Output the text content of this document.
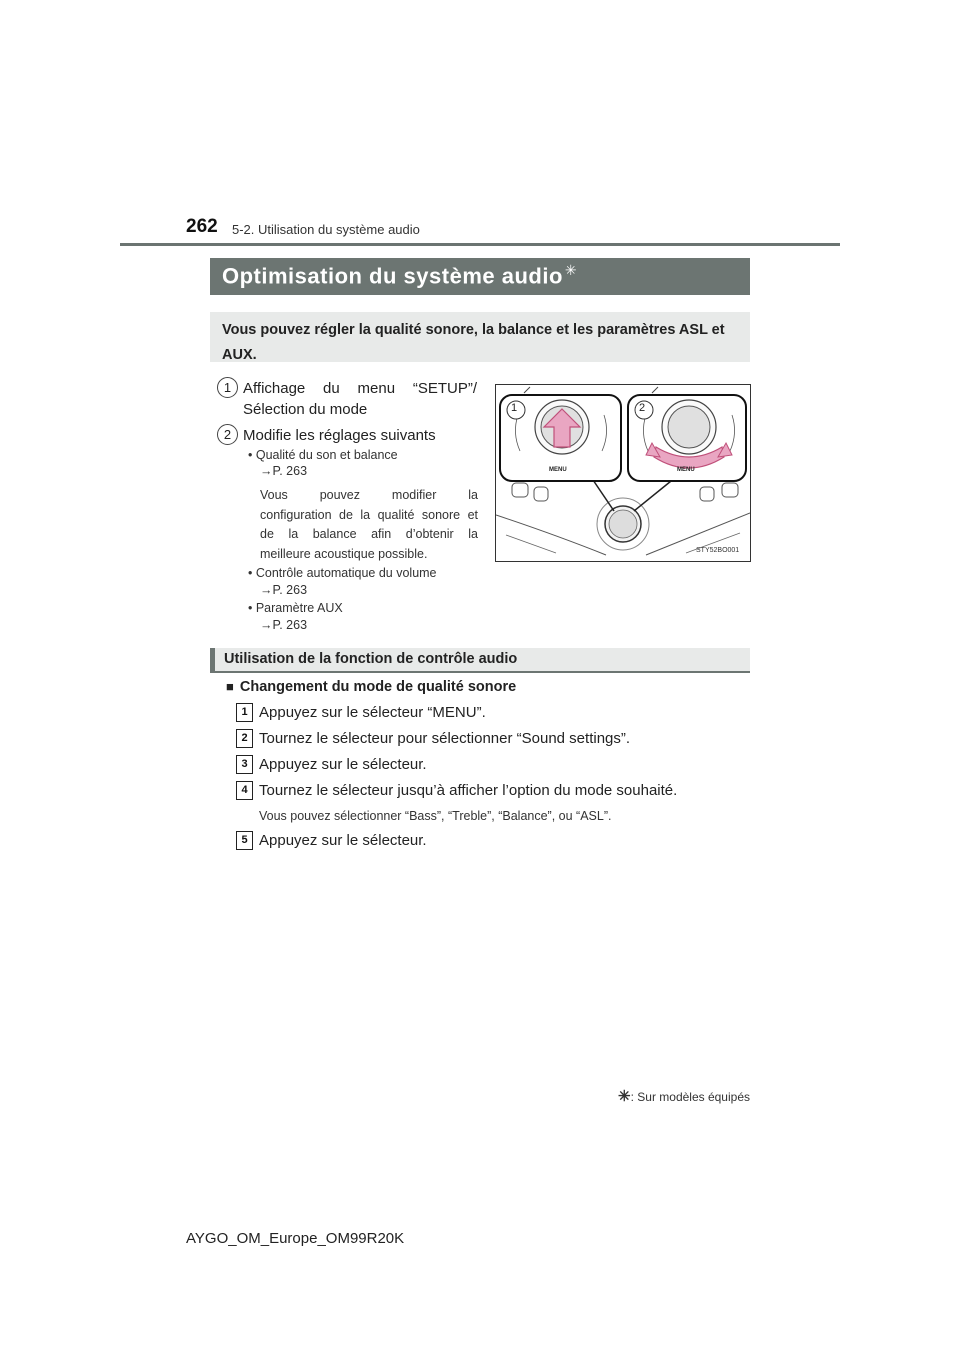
262 5-2. Utilisation du système audio
Optimisation du système audio ✳
Vous pouvez régler la qualité sonore, la balance et les paramètres ASL et AUX.
1 Affichage du menu “SETUP”/
Sélection du mode
2 Modifie les réglages suivants
• Qualité du son et balance
→P. 263
Vous pouvez modifier la
configuration de la qualité sonore et
de la balance afin d’obtenir la
meilleure acoustique possible.
• Contrôle automatique du volume
→P. 263
• Paramètre AUX
→P. 263
1	2
MENU	MENU
STY52BO001
Utilisation de la fonction de contrôle audio
■ Changement du mode de qualité sonore
1 Appuyez sur le sélecteur “MENU”.
2 Tournez le sélecteur pour sélectionner “Sound settings”.
3 Appuyez sur le sélecteur.
4 Tournez le sélecteur jusqu’à afficher l’option du mode souhaité.
Vous pouvez sélectionner “Bass”, “Treble”, “Balance”, ou “ASL”.
5 Appuyez sur le sélecteur.
✳: Sur modèles équipés
AYGO_OM_Europe_OM99R20K
